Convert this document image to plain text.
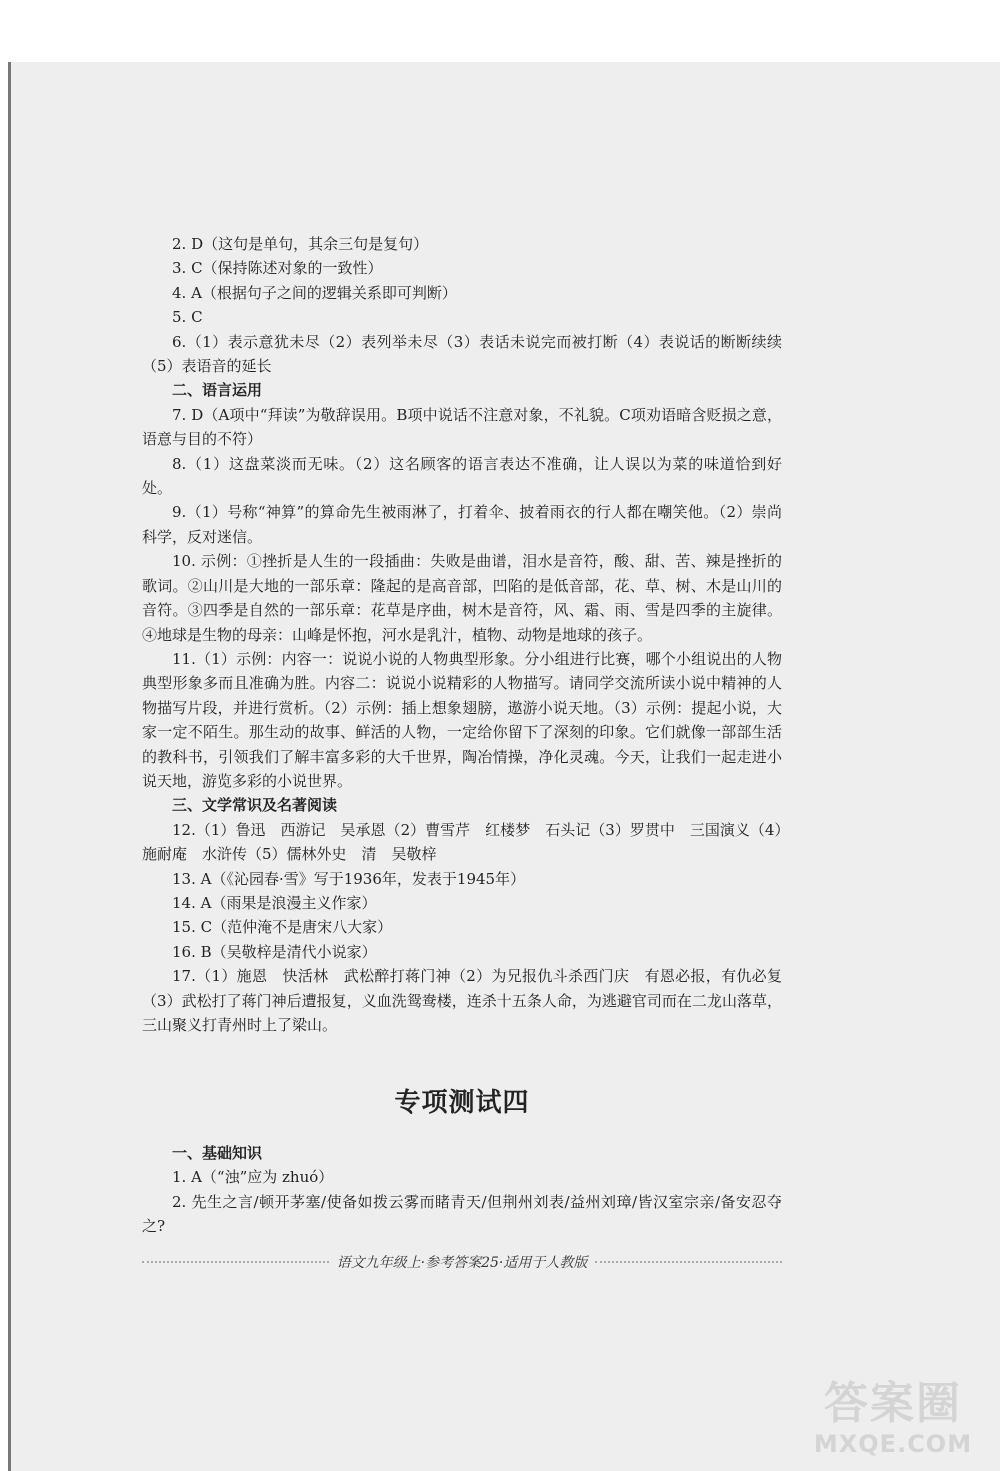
2. D（这句是单句，其余三句是复句）

3. C（保持陈述对象的一致性）

4. A（根据句子之间的逻辑关系即可判断）

5. C

6.（1）表示意犹未尽（2）表列举未尽（3）表话未说完而被打断（4）表说话的断断续续（5）表语音的延长

二、语言运用

7. D（A项中“拜读”为敬辞误用。B项中说话不注意对象，不礼貌。C项劝语暗含贬损之意，语意与目的不符）

8.（1）这盘菜淡而无味。（2）这名顾客的语言表达不准确，让人误以为菜的味道恰到好处。

9.（1）号称“神算”的算命先生被雨淋了，打着伞、披着雨衣的行人都在嘲笑他。（2）崇尚科学，反对迷信。

10. 示例：①挫折是人生的一段插曲：失败是曲谱，泪水是音符，酸、甜、苦、辣是挫折的歌词。②山川是大地的一部乐章：隆起的是高音部，凹陷的是低音部，花、草、树、木是山川的音符。③四季是自然的一部乐章：花草是序曲，树木是音符，风、霜、雨、雪是四季的主旋律。④地球是生物的母亲：山峰是怀抱，河水是乳汁，植物、动物是地球的孩子。

11.（1）示例：内容一：说说小说的人物典型形象。分小组进行比赛，哪个小组说出的人物典型形象多而且准确为胜。内容二：说说小说精彩的人物描写。请同学交流所读小说中精神的人物描写片段，并进行赏析。（2）示例：插上想象翅膀，遨游小说天地。（3）示例：提起小说，大家一定不陌生。那生动的故事、鲜活的人物，一定给你留下了深刻的印象。它们就像一部部生活的教科书，引领我们了解丰富多彩的大千世界，陶冶情操，净化灵魂。今天，让我们一起走进小说天地，游览多彩的小说世界。

三、文学常识及名著阅读

12.（1）鲁迅　西游记　吴承恩（2）曹雪芹　红楼梦　石头记（3）罗贯中　三国演义（4）施耐庵　水浒传（5）儒林外史　清　吴敬梓

13. A（《沁园春·雪》写于1936年，发表于1945年）

14. A（雨果是浪漫主义作家）

15. C（范仲淹不是唐宋八大家）

16. B（吴敬梓是清代小说家）

17.（1）施恩　快活林　武松醉打蒋门神（2）为兄报仇斗杀西门庆　有恩必报，有仇必复（3）武松打了蒋门神后遭报复，义血洗鸳鸯楼，连杀十五条人命，为逃避官司而在二龙山落草，三山聚义打青州时上了梁山。

专项测试四

一、基础知识

1. A（“浊”应为 zhuó）

2. 先生之言/顿开茅塞/使备如拨云雾而睹青天/但荆州刘表/益州刘璋/皆汉室宗亲/备安忍夺之?

语文九年级上·参考答案25·适用于人教版
答案圈
MXQE.COM
